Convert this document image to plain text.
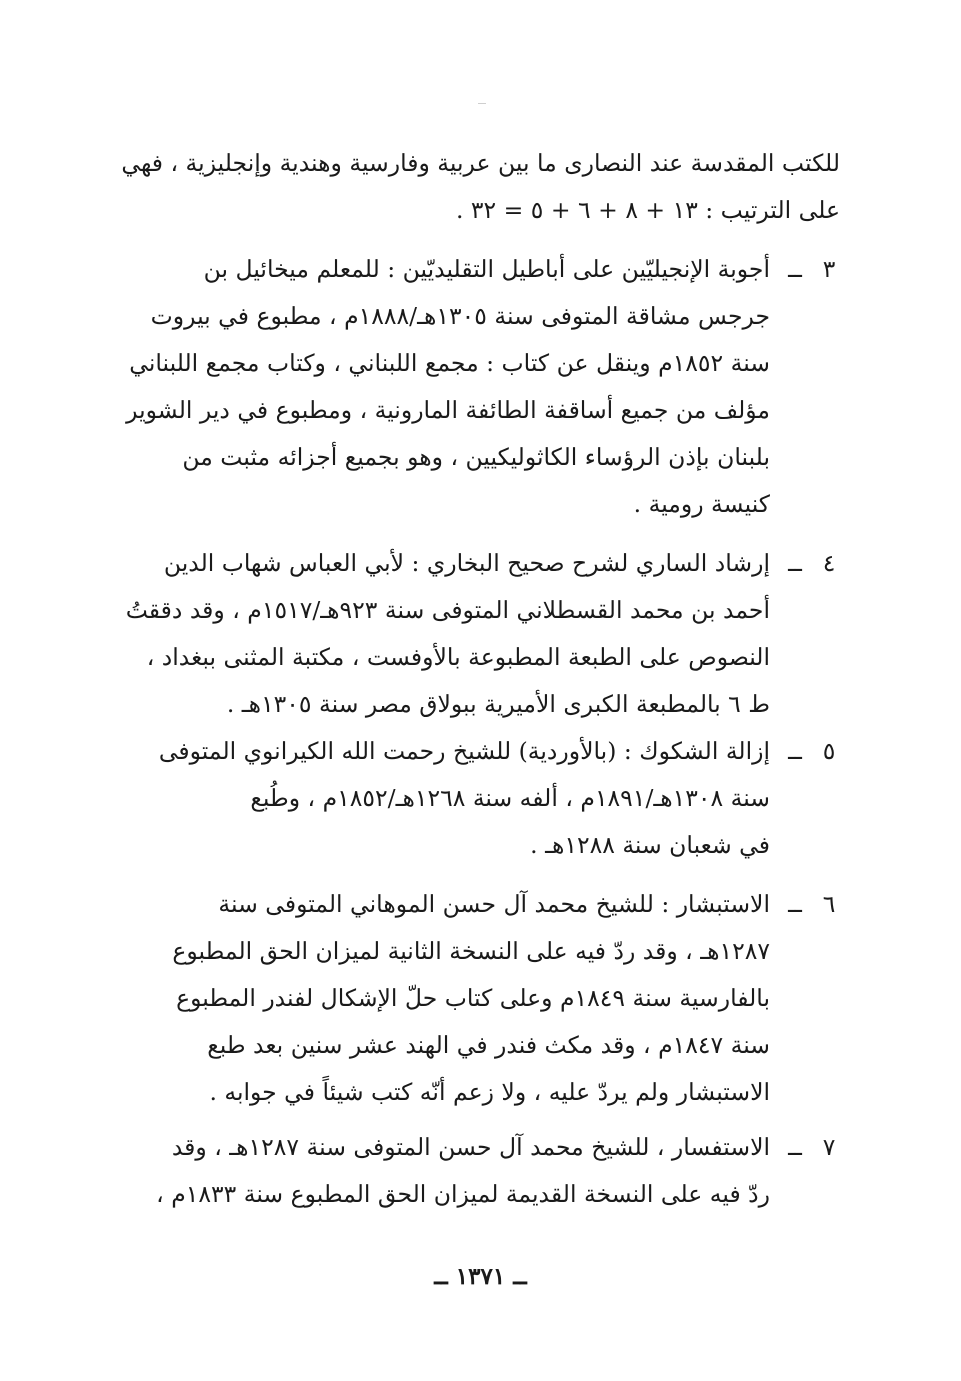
للكتب المقدسة عند النصارى ما بين عربية وفارسية وهندية وإنجليزية ، فهي
على الترتيب : ١٣ + ٨ + ٦ + ٥ = ٣٢ .
٣
ــ
أجوبة الإنجيليّين على أباطيل التقليديّين : للمعلم ميخائيل بن
جرجس مشاقة المتوفى سنة ١٣٠٥هـ/١٨٨٨م ، مطبوع في بيروت
سنة ١٨٥٢م وينقل عن كتاب : مجمع اللبناني ، وكتاب مجمع اللبناني
مؤلف من جميع أساقفة الطائفة المارونية ، ومطبوع في دير الشوير
بلبنان بإذن الرؤساء الكاثوليكيين ، وهو بجميع أجزائه مثبت من
كنيسة رومية .
٤
ــ
إرشاد الساري لشرح صحيح البخاري : لأبي العباس شهاب الدين
أحمد بن محمد القسطلاني المتوفى سنة ٩٢٣هـ/١٥١٧م ، وقد دققتُ
النصوص على الطبعة المطبوعة بالأوفست ، مكتبة المثنى ببغداد ،
ط ٦ بالمطبعة الكبرى الأميرية ببولاق مصر سنة ١٣٠٥هـ .
٥
ــ
إزالة الشكوك : (بالأوردية) للشيخ رحمت الله الكيرانوي المتوفى
سنة ١٣٠٨هـ/١٨٩١م ، ألفه سنة ١٢٦٨هـ/١٨٥٢م ، وطُبع
في شعبان سنة ١٢٨٨هـ .
٦
ــ
الاستبشار : للشيخ محمد آل حسن الموهاني المتوفى سنة
١٢٨٧هـ ، وقد ردّ فيه على النسخة الثانية لميزان الحق المطبوع
بالفارسية سنة ١٨٤٩م وعلى كتاب حلّ الإشكال لفندر المطبوع
سنة ١٨٤٧م ، وقد مكث فندر في الهند عشر سنين بعد طبع
الاستبشار ولم يردّ عليه ، ولا زعم أنّه كتب شيئاً في جوابه .
٧
ــ
الاستفسار ، للشيخ محمد آل حسن المتوفى سنة ١٢٨٧هـ ، وقد
ردّ فيه على النسخة القديمة لميزان الحق المطبوع سنة ١٨٣٣م ،
ــ ١٣٧١ ــ
